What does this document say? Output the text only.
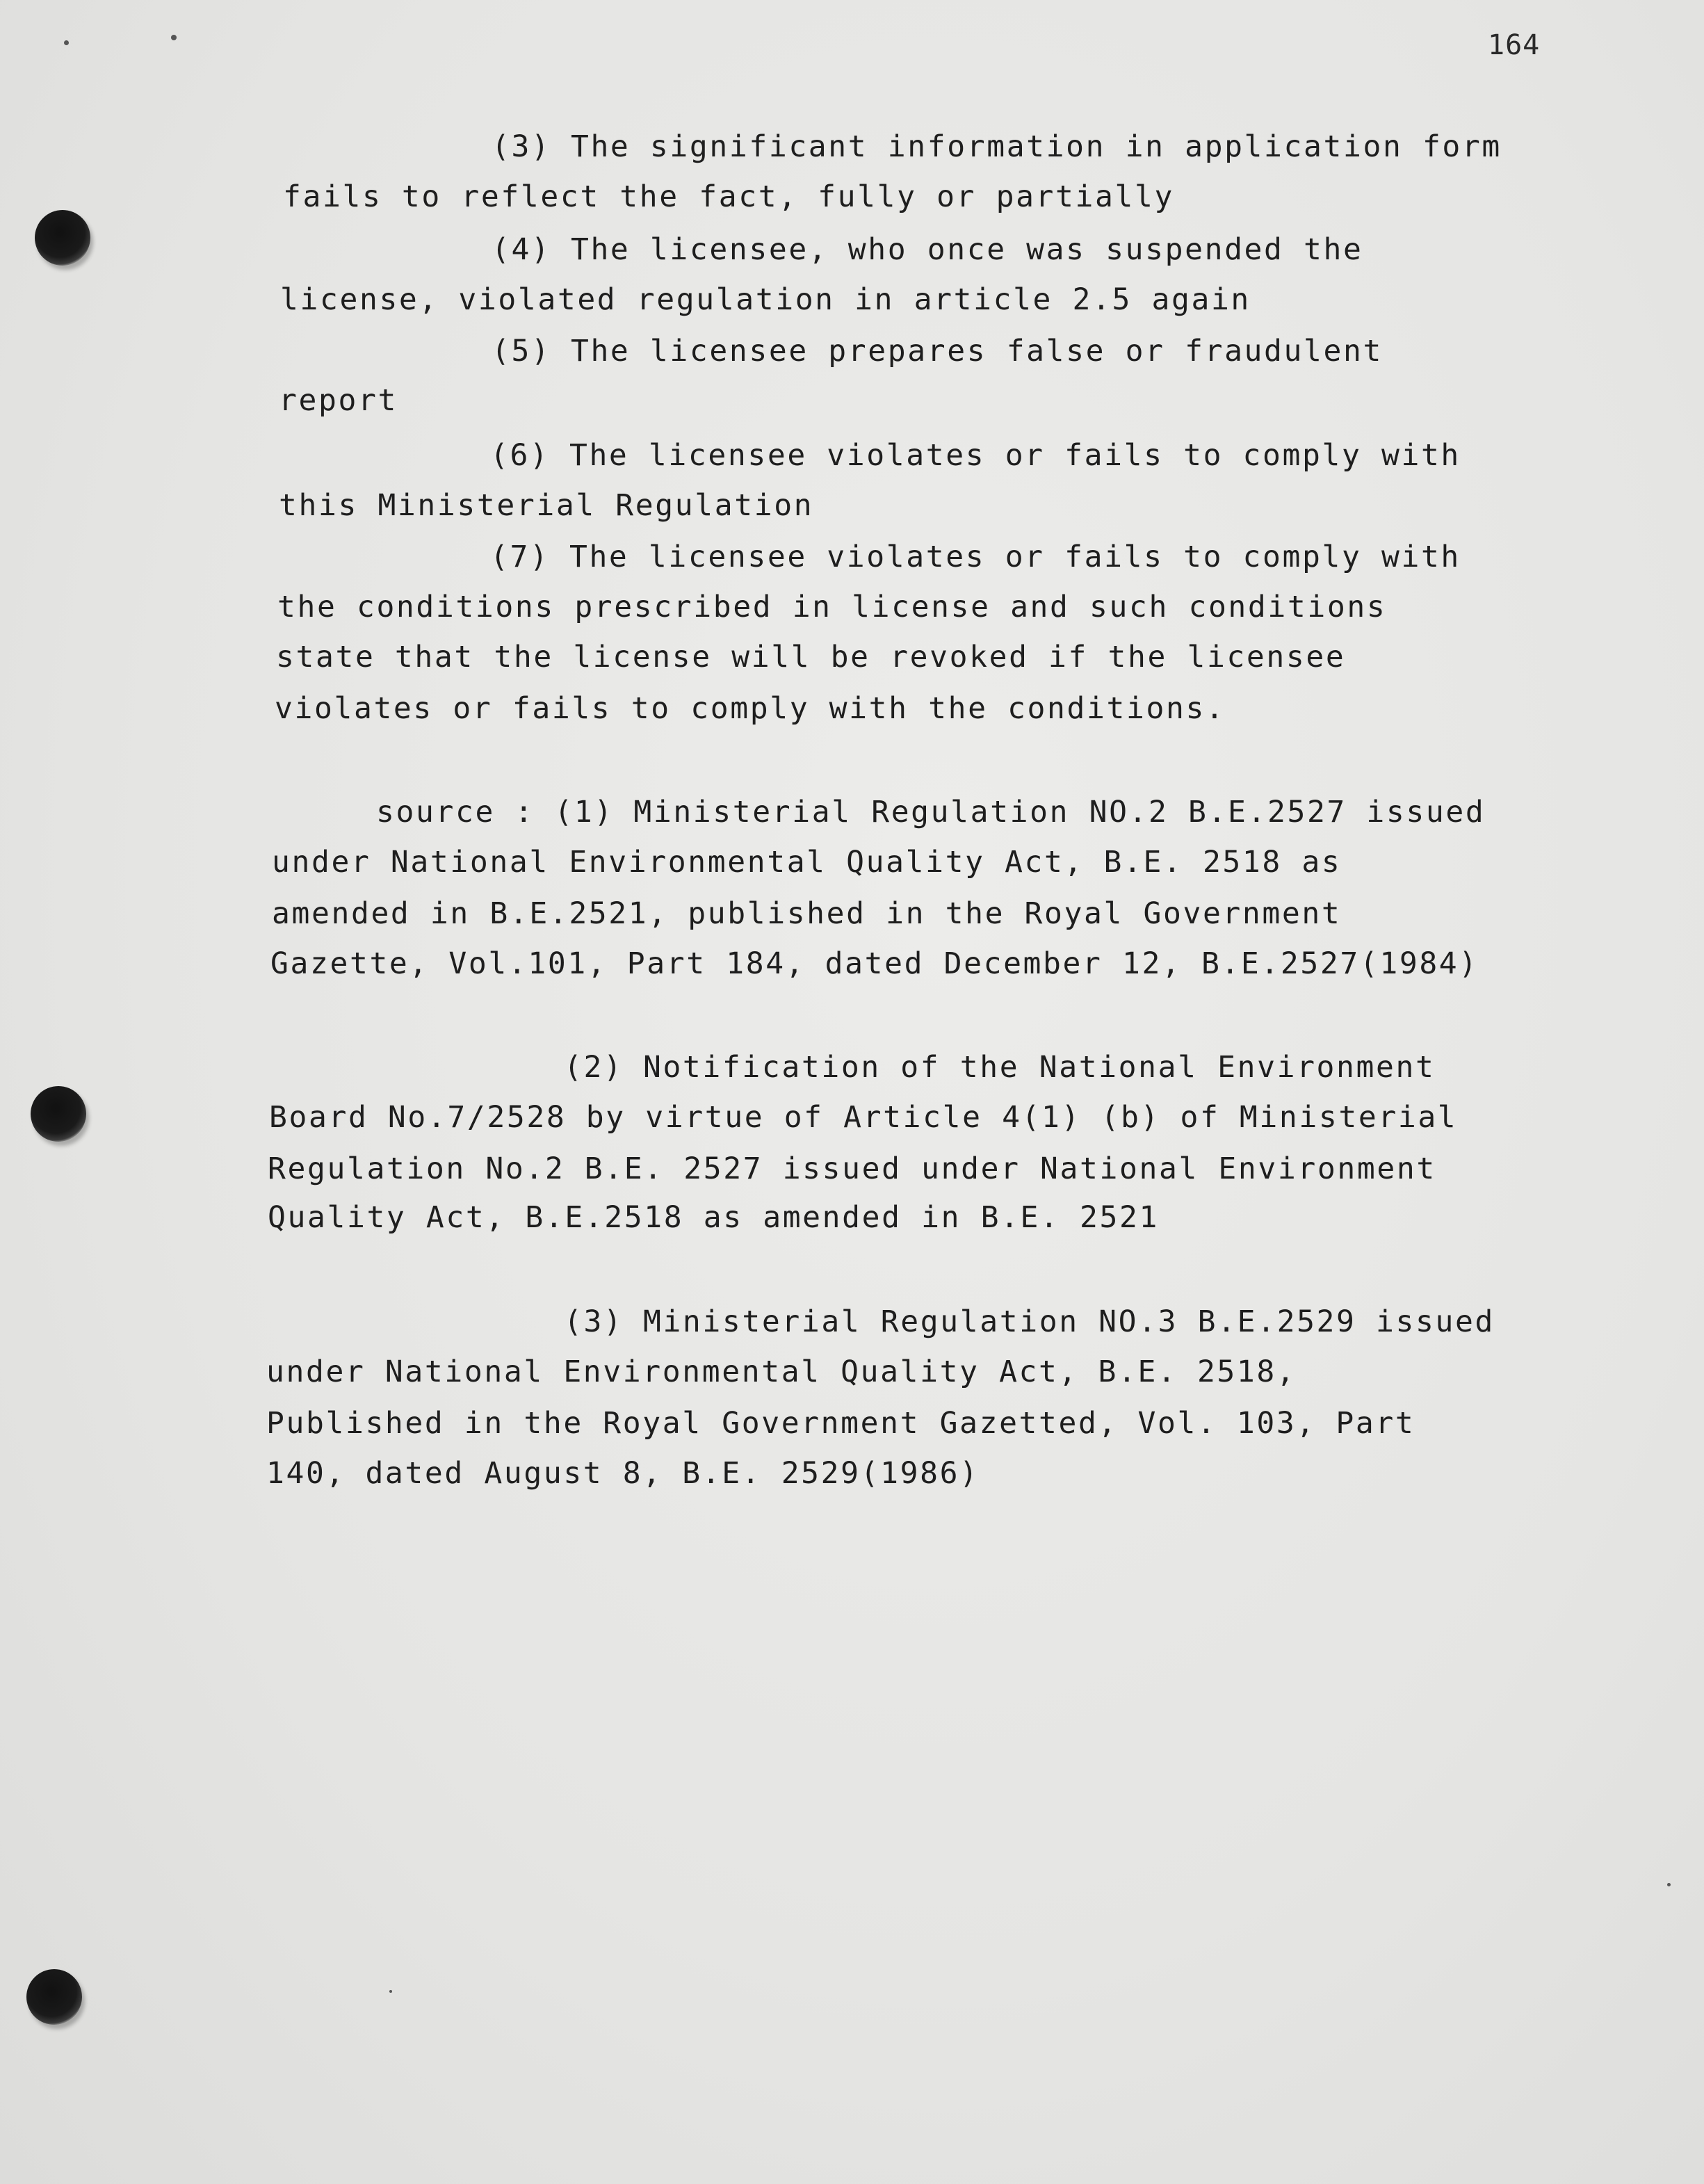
164
(3) The significant information in application form
fails to reflect the fact, fully or partially
(4) The licensee, who once was suspended the
license, violated regulation in article 2.5 again
(5) The licensee prepares false or fraudulent
report
(6) The licensee violates or fails to comply with
this Ministerial Regulation
(7) The licensee violates or fails to comply with
the conditions prescribed in license and such conditions
state that the license will be revoked if the licensee
violates or fails to comply with the conditions.
source : (1) Ministerial Regulation NO.2 B.E.2527 issued
under National Environmental Quality Act, B.E. 2518 as
amended in B.E.2521, published in the Royal Government
Gazette, Vol.101, Part 184, dated December 12, B.E.2527(1984)
(2) Notification of the National Environment
Board No.7/2528 by virtue of Article 4(1) (b) of Ministerial
Regulation No.2 B.E. 2527 issued under National Environment
Quality Act, B.E.2518 as amended in B.E. 2521
(3) Ministerial Regulation NO.3 B.E.2529 issued
under National Environmental Quality Act, B.E. 2518,
Published in the Royal Government Gazetted, Vol. 103, Part
140, dated August 8, B.E. 2529(1986)
